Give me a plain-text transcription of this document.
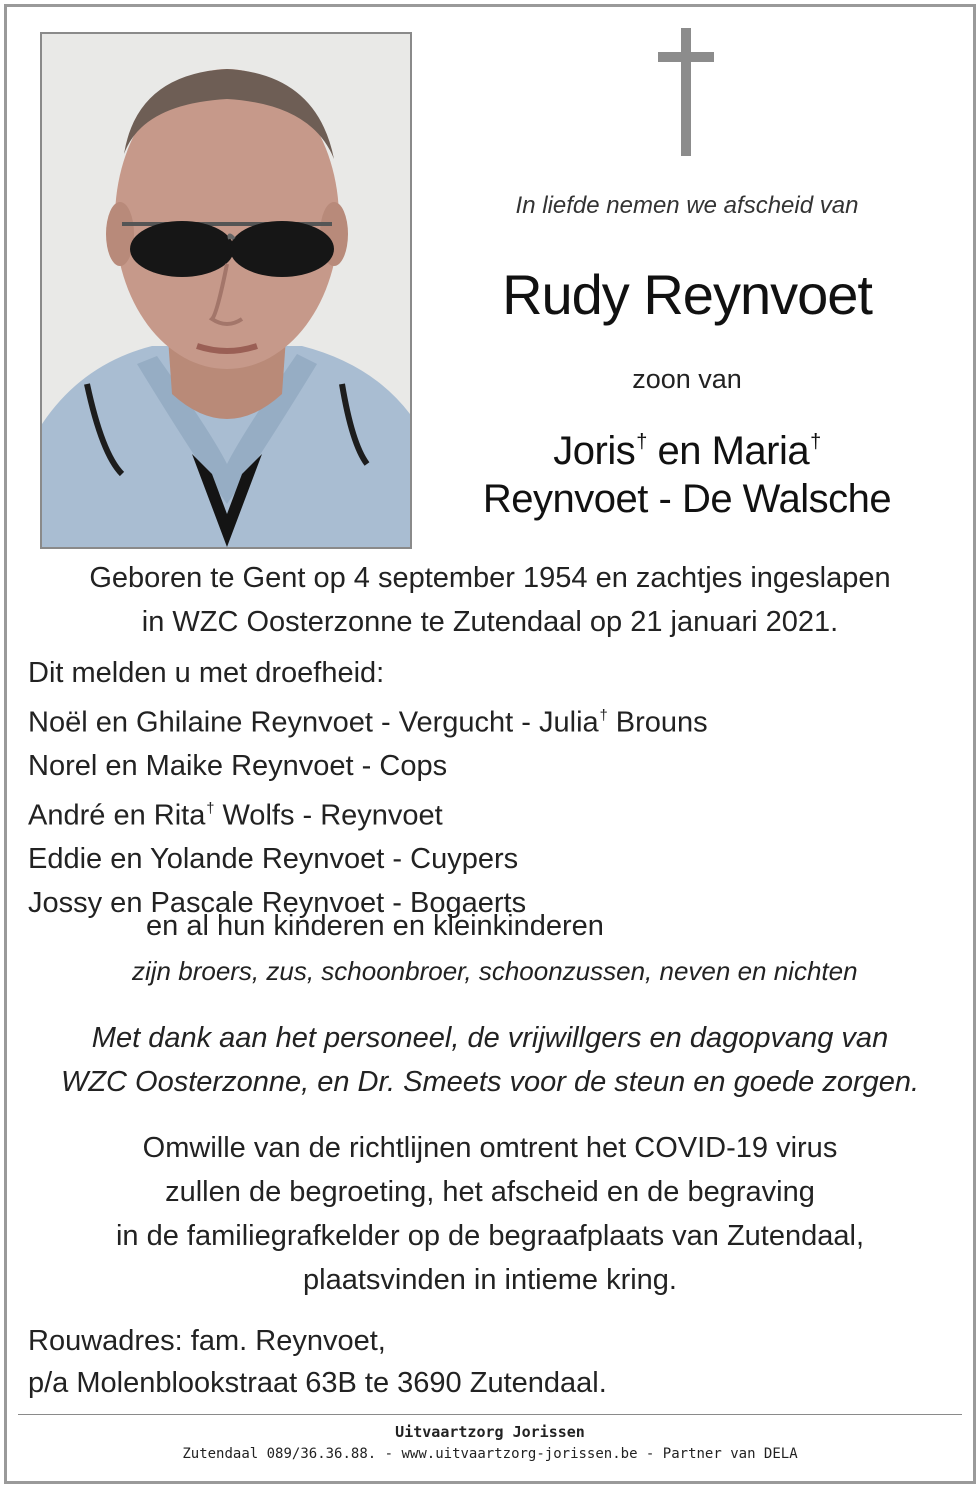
In liefde nemen we afscheid van
Rudy Reynvoet
zoon van
Joris† en Maria†
Reynvoet - De Walsche
Geboren te Gent op 4 september 1954 en zachtjes ingeslapen
in WZC Oosterzonne te Zutendaal op 21 januari 2021.
Dit melden u met droefheid:
Noël en Ghilaine Reynvoet - Vergucht - Julia† Brouns
Norel en Maike Reynvoet - Cops
André en Rita† Wolfs - Reynvoet
Eddie en Yolande Reynvoet - Cuypers
Jossy en Pascale Reynvoet - Bogaerts
en al hun kinderen en kleinkinderen
zijn broers, zus, schoonbroer, schoonzussen, neven en nichten
Met dank aan het personeel, de vrijwillgers en dagopvang van
WZC Oosterzonne, en Dr. Smeets voor de steun en goede zorgen.
Omwille van de richtlijnen omtrent het COVID-19 virus
zullen de begroeting, het afscheid en de begraving
in de familiegrafkelder op de begraafplaats van Zutendaal,
plaatsvinden in intieme kring.
Rouwadres: fam. Reynvoet,
p/a Molenblookstraat 63B te 3690 Zutendaal.
Uitvaartzorg Jorissen
Zutendaal 089/36.36.88. - www.uitvaartzorg-jorissen.be - Partner van DELA
